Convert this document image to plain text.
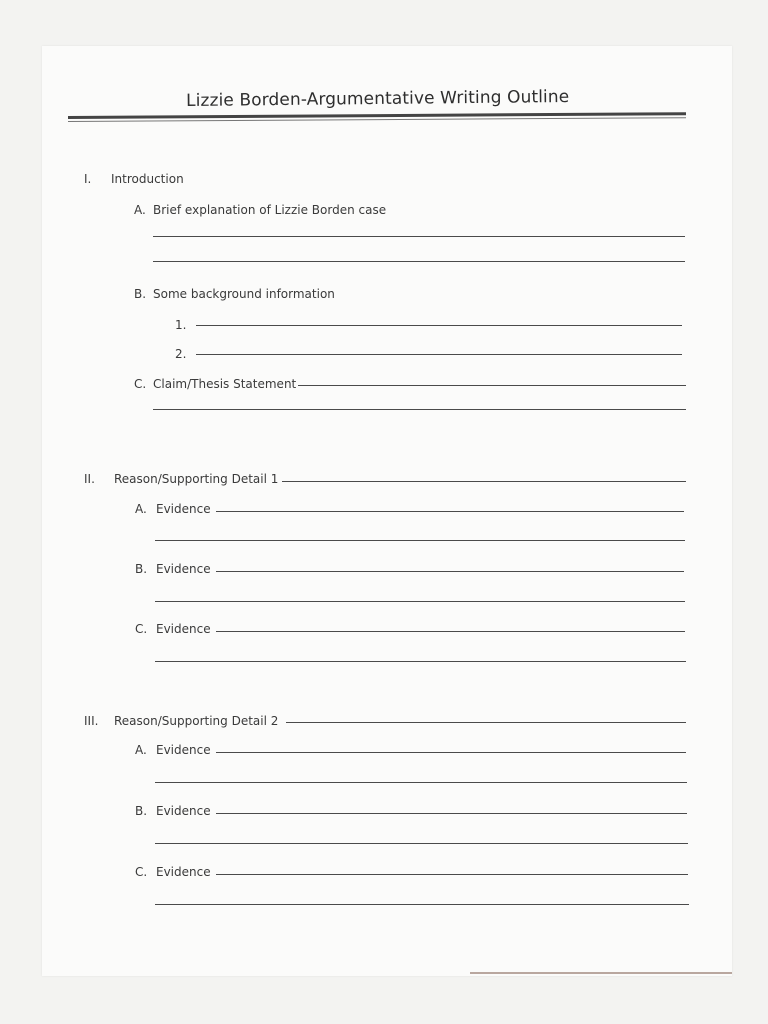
Lizzie Borden-Argumentative Writing Outline
I. Introduction
A. Brief explanation of Lizzie Borden case
B. Some background information
1.
2.
C. Claim/Thesis Statement
II. Reason/Supporting Detail 1
A. Evidence
B. Evidence
C. Evidence
III. Reason/Supporting Detail 2
A. Evidence
B. Evidence
C. Evidence
